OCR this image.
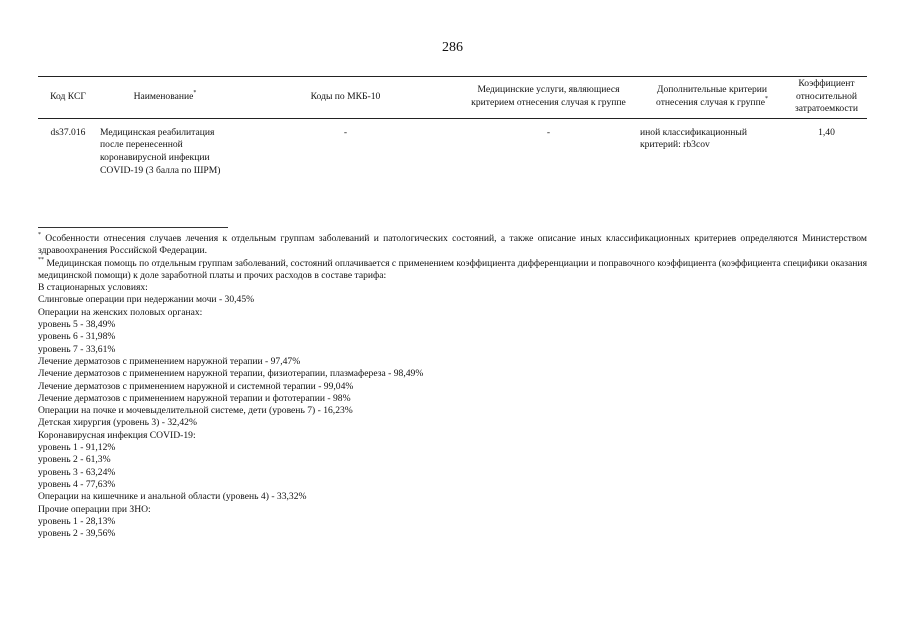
286
Код КСГ	Наименование*	Коды по МКБ-10	Медицинские услуги, являющиеся критерием отнесения случая к группе	Дополнительные критерии отнесения случая к группе*	Коэффициент относительной затратоемкости
ds37.016	Медицинская реабилитация после перенесенной коронавирусной инфекции COVID-19 (3 балла по ШРМ)	-	-	иной классификационный критерий: rb3cov	1,40

* Особенности отнесения случаев лечения к отдельным группам заболеваний и патологических состояний, а также описание иных классификационных критериев определяются Министерством здравоохранения Российской Федерации.

** Медицинская помощь по отдельным группам заболеваний, состояний оплачивается с применением коэффициента дифференциации и поправочного коэффициента (коэффициента специфики оказания медицинской помощи) к доле заработной платы и прочих расходов в составе тарифа:

В стационарных условиях:

Слинговые операции при недержании мочи - 30,45%

Операции на женских половых органах:

уровень 5 - 38,49%

уровень 6 - 31,98%

уровень 7 - 33,61%

Лечение дерматозов с применением наружной терапии - 97,47%

Лечение дерматозов с применением наружной терапии, физиотерапии, плазмафереза - 98,49%

Лечение дерматозов с применением наружной и системной терапии - 99,04%

Лечение дерматозов с применением наружной терапии и фототерапии - 98%

Операции на почке и мочевыделительной системе, дети (уровень 7) - 16,23%

Детская хирургия (уровень 3) - 32,42%

Коронавирусная инфекция COVID-19:

уровень 1 - 91,12%

уровень 2 - 61,3%

уровень 3 - 63,24%

уровень 4 - 77,63%

Операции на кишечнике и анальной области (уровень 4) - 33,32%

Прочие операции при ЗНО:

уровень 1 - 28,13%

уровень 2 - 39,56%
